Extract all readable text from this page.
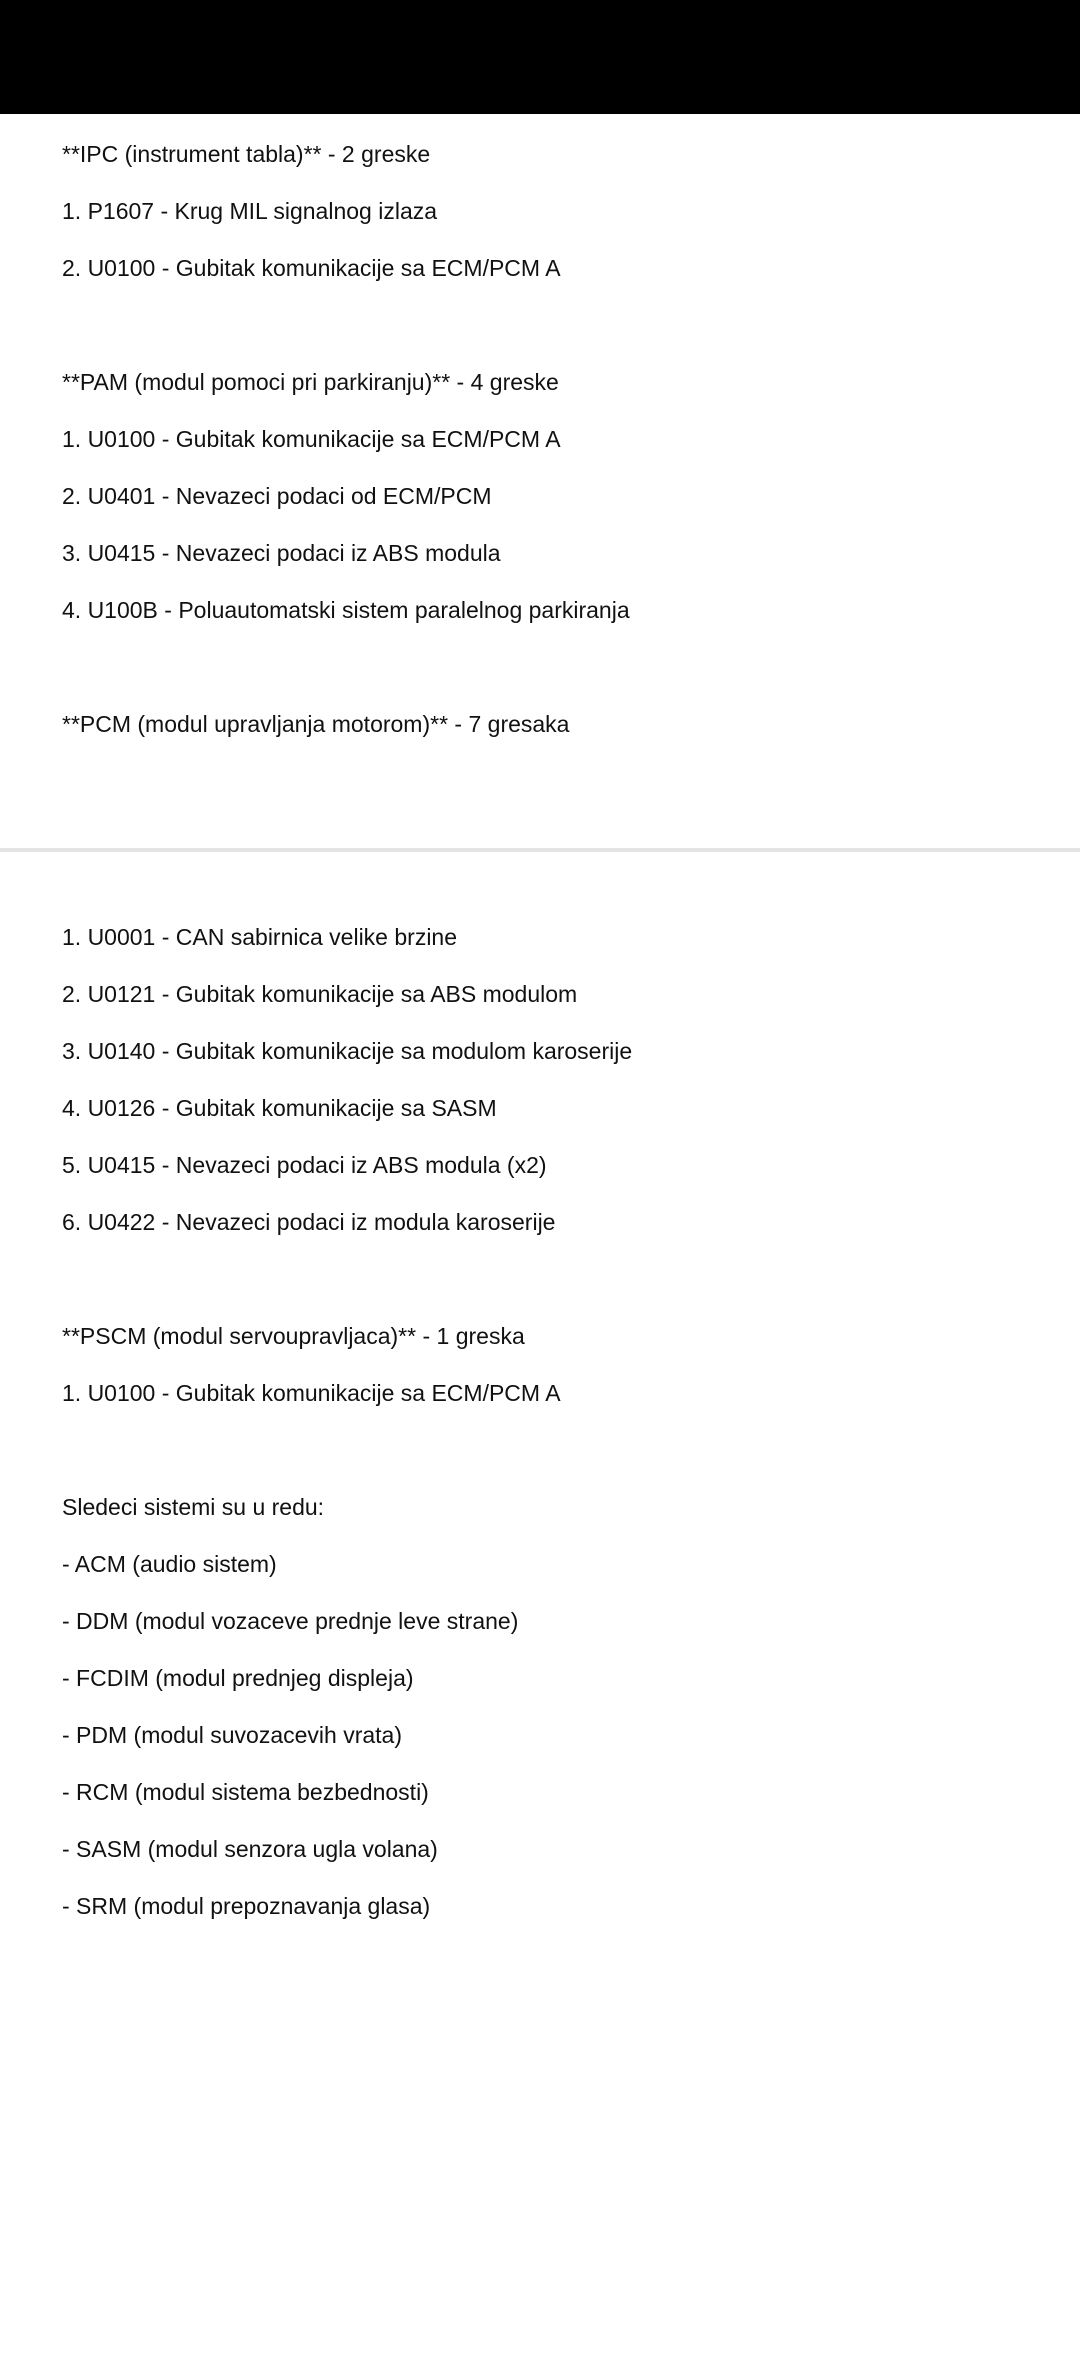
**IPC (instrument tabla)** - 2 greske
1. P1607 - Krug MIL signalnog izlaza
2. U0100 - Gubitak komunikacije sa ECM/PCM A
**PAM (modul pomoci pri parkiranju)** - 4 greske
1. U0100 - Gubitak komunikacije sa ECM/PCM A
2. U0401 - Nevazeci podaci od ECM/PCM
3. U0415 - Nevazeci podaci iz ABS modula
4. U100B - Poluautomatski sistem paralelnog parkiranja
**PCM (modul upravljanja motorom)** - 7 gresaka
1. U0001 - CAN sabirnica velike brzine
2. U0121 - Gubitak komunikacije sa ABS modulom
3. U0140 - Gubitak komunikacije sa modulom karoserije
4. U0126 - Gubitak komunikacije sa SASM
5. U0415 - Nevazeci podaci iz ABS modula (x2)
6. U0422 - Nevazeci podaci iz modula karoserije
**PSCM (modul servoupravljaca)** - 1 greska
1. U0100 - Gubitak komunikacije sa ECM/PCM A
Sledeci sistemi su u redu:
- ACM (audio sistem)
- DDM (modul vozaceve prednje leve strane)
- FCDIM (modul prednjeg displeja)
- PDM (modul suvozacevih vrata)
- RCM (modul sistema bezbednosti)
- SASM (modul senzora ugla volana)
- SRM (modul prepoznavanja glasa)
